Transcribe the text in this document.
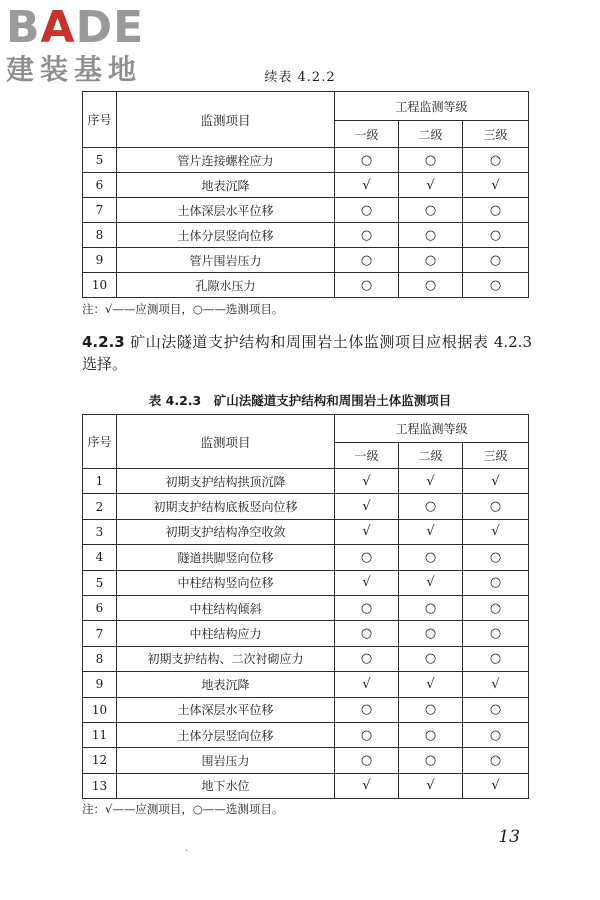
BADE
建装基地	续表 4.2.2
序号	监测项目	工程监测等级		
		一级	二级	三级
5	管片连接螺栓应力	○	○	○
6	地表沉降	√	√	√
7	土体深层水平位移	○	○	○
8	土体分层竖向位移	○	○	○
9	管片围岩压力	○	○	○
10	孔隙水压力	○	○	○
注：√——应测项目，○——选测项目。
4.2.3 矿山法隧道支护结构和周围岩土体监测项目应根据表 4.2.3 选择。
表 4.2.3　矿山法隧道支护结构和周围岩土体监测项目
序号	监测项目	工程监测等级		
		一级	二级	三级
1	初期支护结构拱顶沉降	√	√	√
2	初期支护结构底板竖向位移	√	○	○
3	初期支护结构净空收敛	√	√	√
4	隧道拱脚竖向位移	○	○	○
5	中柱结构竖向位移	√	√	○
6	中柱结构倾斜	○	○	○
7	中柱结构应力	○	○	○
8	初期支护结构、二次衬砌应力	○	○	○
9	地表沉降	√	√	√
10	土体深层水平位移	○	○	○
11	土体分层竖向位移	○	○	○
12	围岩压力	○	○	○
13	地下水位	√	√	√
注：√——应测项目，○——选测项目。
13
·
